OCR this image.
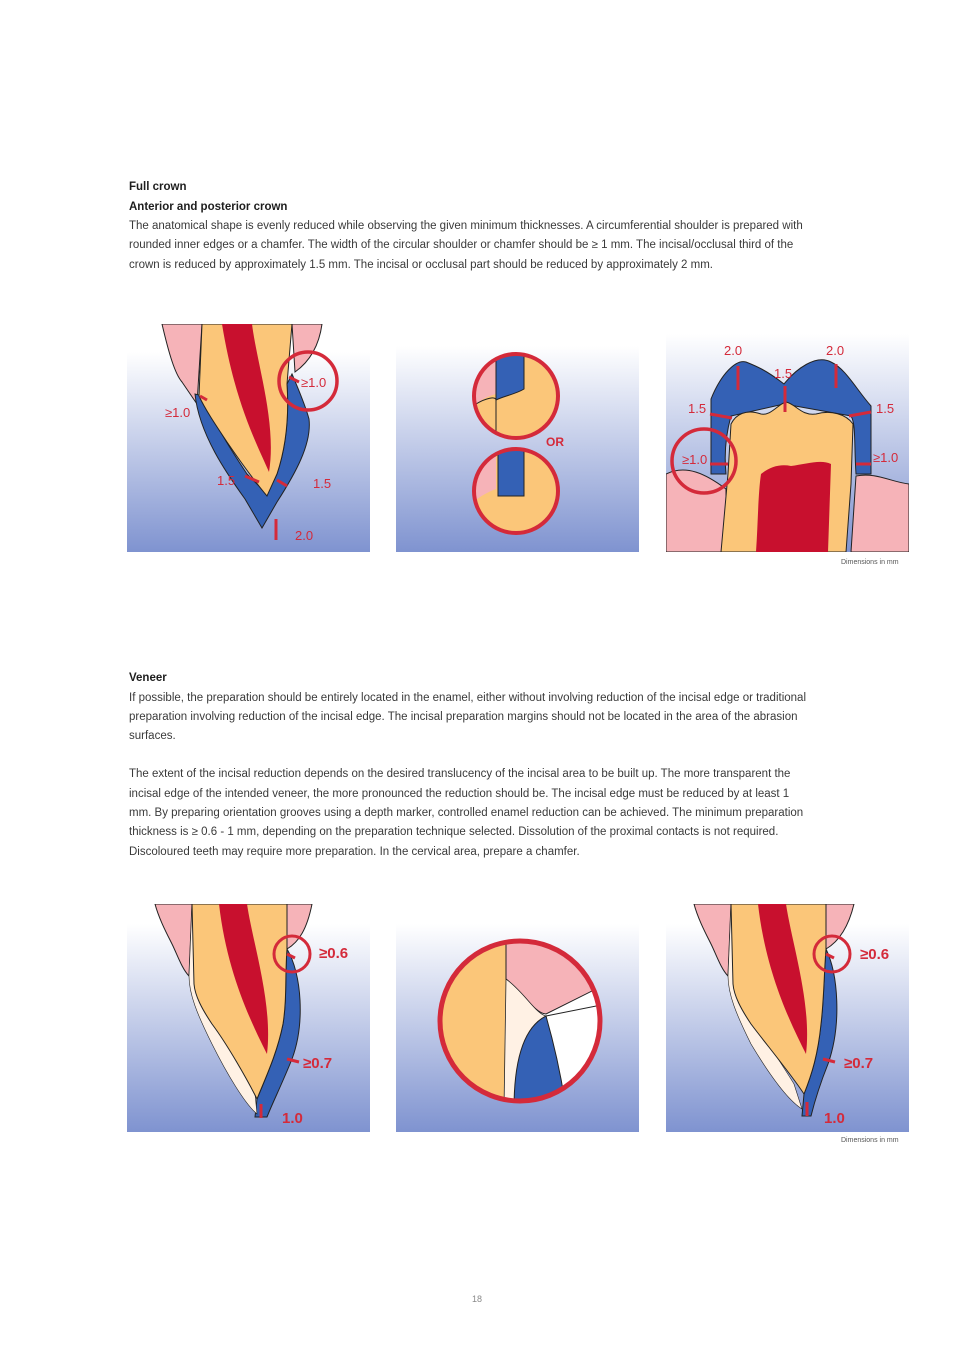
Full crown
Anterior and posterior crown

The anatomical shape is evenly reduced while observing the given minimum thicknesses. A circumferential shoulder is prepared with rounded inner edges or a chamfer. The width of the circular shoulder or chamfer should be ≥ 1 mm. The incisal/occlusal third of the crown is reduced by approximately 1.5 mm. The incisal or occlusal part should be reduced by approximately 2 mm.

≥1.0
≥1.0
1.5	1.5
2.0
OR
2.0	2.0
1.5
1.5	1.5
≥1.0	≥1.0
Dimensions in mm
Veneer

If possible, the preparation should be entirely located in the enamel, either without involving reduction of the incisal edge or traditional preparation involving reduction of the incisal edge. The incisal preparation margins should not be located in the area of the abrasion surfaces.

The extent of the incisal reduction depends on the desired translucency of the incisal area to be built up. The more transparent the incisal edge of the intended veneer, the more pronounced the reduction should be. The incisal edge must be reduced by at least 1 mm. By preparing orientation grooves using a depth marker, controlled enamel reduction can be achieved. The minimum preparation thickness is ≥ 0.6 - 1 mm, depending on the preparation technique selected. Dissolution of the proximal contacts is not required. Discoloured teeth may require more preparation. In the cervical area, prepare a chamfer.

≥0.6
≥0.7
1.0
≥0.6
≥0.7
1.0
Dimensions in mm
18
